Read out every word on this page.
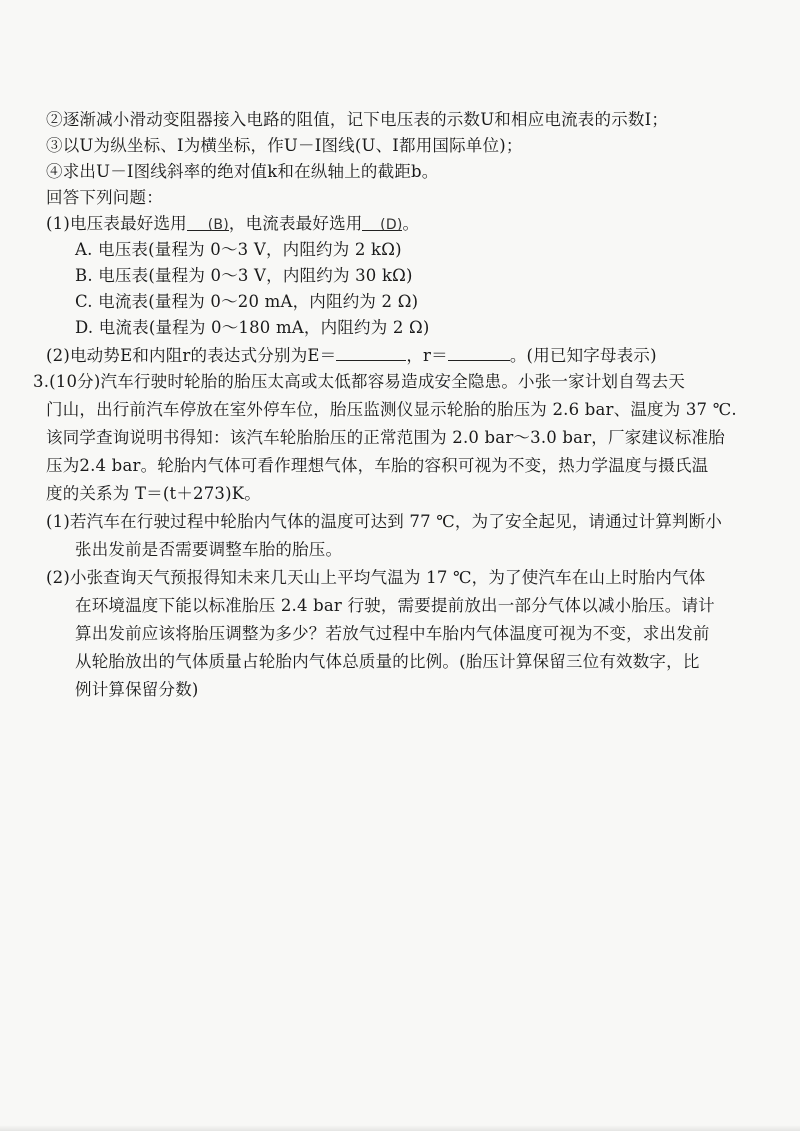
②逐渐减小滑动变阻器接入电路的阻值，记下电压表的示数U和相应电流表的示数I；
③以U为纵坐标、I为横坐标，作U－I图线(U、I都用国际单位)；
④求出U－I图线斜率的绝对值k和在纵轴上的截距b。
回答下列问题：
(1)电压表最好选用 (B)，电流表最好选用 (D)。
A. 电压表(量程为 0～3 V，内阻约为 2 kΩ)
B. 电压表(量程为 0～3 V，内阻约为 30 kΩ)
C. 电流表(量程为 0～20 mA，内阻约为 2 Ω)
D. 电流表(量程为 0～180 mA，内阻约为 2 Ω)
(2)电动势E和内阻r的表达式分别为E＝	，r＝	。(用已知字母表示)
3.(10分)汽车行驶时轮胎的胎压太高或太低都容易造成安全隐患。小张一家计划自驾去天
门山，出行前汽车停放在室外停车位，胎压监测仪显示轮胎的胎压为 2.6 bar、温度为 37 ℃.
该同学查询说明书得知：该汽车轮胎胎压的正常范围为 2.0 bar～3.0 bar，厂家建议标准胎
压为2.4 bar。轮胎内气体可看作理想气体，车胎的容积可视为不变，热力学温度与摄氏温
度的关系为 T＝(t＋273)K。
(1)若汽车在行驶过程中轮胎内气体的温度可达到 77 ℃，为了安全起见，请通过计算判断小
张出发前是否需要调整车胎的胎压。
(2)小张查询天气预报得知未来几天山上平均气温为 17 ℃，为了使汽车在山上时胎内气体
在环境温度下能以标准胎压 2.4 bar 行驶，需要提前放出一部分气体以减小胎压。请计
算出发前应该将胎压调整为多少？若放气过程中车胎内气体温度可视为不变，求出发前
从轮胎放出的气体质量占轮胎内气体总质量的比例。(胎压计算保留三位有效数字，比
例计算保留分数)
